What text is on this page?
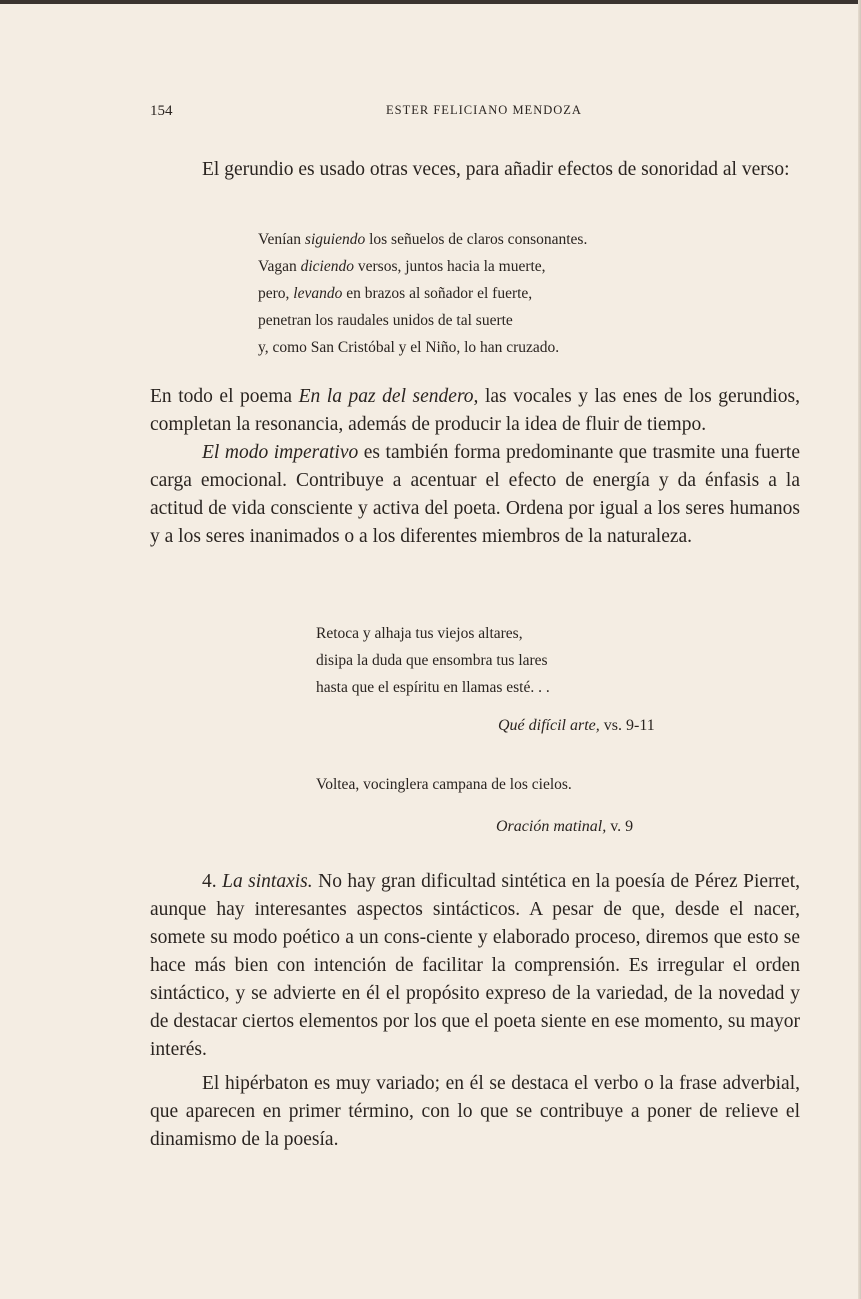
154	ESTER FELICIANO MENDOZA

El gerundio es usado otras veces, para añadir efectos de sonoridad al verso:

Venían siguiendo los señuelos de claros consonantes.
Vagan diciendo versos, juntos hacia la muerte,
pero, levando en brazos al soñador el fuerte,
penetran los raudales unidos de tal suerte
y, como San Cristóbal y el Niño, lo han cruzado.

En todo el poema En la paz del sendero, las vocales y las enes de los gerundios, completan la resonancia, además de producir la idea de fluir de tiempo.

El modo imperativo es también forma predominante que trasmite una fuerte carga emocional. Contribuye a acentuar el efecto de energía y da énfasis a la actitud de vida consciente y activa del poeta. Ordena por igual a los seres humanos y a los seres inanimados o a los diferentes miembros de la naturaleza.

Retoca y alhaja tus viejos altares,
disipa la duda que ensombra tus lares
hasta que el espíritu en llamas esté. . .
Qué difícil arte, vs. 9-11
Voltea, vocinglera campana de los cielos.
Oración matinal, v. 9

4. La sintaxis. No hay gran dificultad sintética en la poesía de Pérez Pierret, aunque hay interesantes aspectos sintácticos. A pesar de que, desde el nacer, somete su modo poético a un cons-ciente y elaborado proceso, diremos que esto se hace más bien con intención de facilitar la comprensión. Es irregular el orden sintáctico, y se advierte en él el propósito expreso de la variedad, de la novedad y de destacar ciertos elementos por los que el poeta siente en ese momento, su mayor interés.

El hipérbaton es muy variado; en él se destaca el verbo o la frase adverbial, que aparecen en primer término, con lo que se contribuye a poner de relieve el dinamismo de la poesía.
